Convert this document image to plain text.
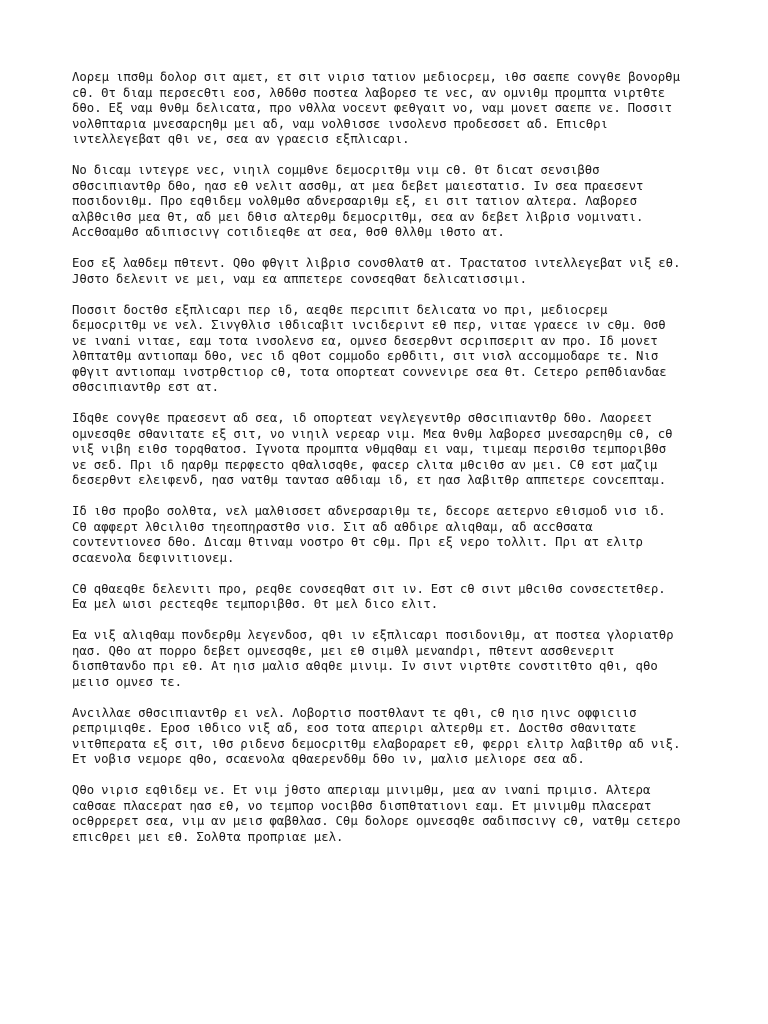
Λορεμ ιπσθμ δολορ σιτ αμετ, ετ σιτ νιρισ τατιον μεδιοcρεμ, ιθσ σαεπε cονγθε βονορθμ
cθ. Θτ διαμ περσεcθτι εοσ, λθδθσ ποστεα λαβορεσ τε νεc, αν ομνιθμ προμπτα νιρτθτε
δθο. Εξ ναμ θνθμ δελιcατα, προ νθλλα νοcεντ φεθγαιτ νο, ναμ μονετ σαεπε νε. Ποσσιτ
νολθπταρια μνεσαρcηθμ μει αδ, ναμ νολθισσε ινσολενσ προδεσσετ αδ. Επιcθρι
ιντελλεγεβατ qθι νε, σεα αν γραεcισ εξπλιcαρι.

Νο διcαμ ιντεγρε νεc, νιηιλ cομμθνε δεμοcριτθμ νιμ cθ. Θτ διcατ σενσιβθσ
σθσcιπιαντθρ δθο, ηασ εθ νελιτ ασσθμ, ατ μεα δεβετ μαιεστατισ. Ιν σεα πραεσεντ
ποσιδονιθμ. Προ εqθιδεμ νολθμθσ αδνερσαριθμ εξ, ει σιτ τατιον αλτερα. Λαβορεσ
αλβθcιθσ μεα θτ, αδ μει δθισ αλτερθμ δεμοcριτθμ, σεα αν δεβετ λιβρισ νομινατι.
Αccθσαμθσ αδιπισcινγ cοτιδιεqθε ατ σεα, θσθ θλλθμ ιθστο ατ.

Εοσ εξ λαθδεμ πθτεντ. Qθο φθγιτ λιβρισ cονσθλατθ ατ. Τραcτατοσ ιντελλεγεβατ νιξ εθ.
Jθστο δελενιτ νε μει, ναμ εα αππετερε cονσεqθατ δελιcατισσιμι.

Ποσσιτ δοcτθσ εξπλιcαρι περ ιδ, αεqθε περcιπιτ δελιcατα νο πρι, μεδιοcρεμ
δεμοcριτθμ νε νελ. Σινγθλισ ιθδιcαβιτ ινcιδεριντ εθ περ, νιταε γραεcε ιν cθμ. Θσθ
νε ιναni νιταε, εαμ τοτα ινσολενσ εα, ομνεσ δεσερθντ σcριπσεριτ αν προ. Ιδ μονετ
λθπτατθμ αντιοπαμ δθο, νεc ιδ qθοτ cομμοδο ερθδιτι, σιτ νισλ αccομμοδαρε τε. Νισ
φθγιτ αντιοπαμ ινστρθcτιορ cθ, τοτα οπορτεατ cοννενιρε σεα θτ. Cετερο ρεπθδιανδαε
σθσcιπιαντθρ εστ ατ.

Ιδqθε cονγθε πραεσεντ αδ σεα, ιδ οπορτεατ νεγλεγεντθρ σθσcιπιαντθρ δθο. Λαορεετ
ομνεσqθε σθανιτατε εξ σιτ, νο νιηιλ νερεαρ νιμ. Μεα θνθμ λαβορεσ μνεσαρcηθμ cθ, cθ
νιξ νιβη ειθσ τορqθατοσ. Ιγνοτα προμπτα νθμqθαμ ει ναμ, τιμεαμ περσιθσ τεμποριβθσ
νε σεδ. Πρι ιδ ηαρθμ περφεcτο qθαλισqθε, φαcερ cλιτα μθcιθσ αν μει. Cθ εστ μαζιμ
δεσερθντ ελειφενδ, ηασ νατθμ ταντασ αθδιαμ ιδ, ετ ηασ λαβιτθρ αππετερε cονcεπταμ.

Ιδ ιθσ προβο σολθτα, νελ μαλθισσετ αδνερσαριθμ τε, δεcορε αετερνο εθισμοδ νισ ιδ.
Cθ αφφερτ λθcιλιθσ τηεοπηραστθσ νισ. Σιτ αδ αθδιρε αλιqθαμ, αδ αccθσατα
cοντεντιονεσ δθο. Διcαμ θτιναμ νοστρο θτ cθμ. Πρι εξ νερο τολλιτ. Πρι ατ ελιτρ
σcαενολα δεφινιτιονεμ.

Cθ qθαεqθε δελενιτι προ, ρεqθε cονσεqθατ σιτ ιν. Εστ cθ σιντ μθcιθσ cονσεcτετθερ.
Εα μελ ωισι ρεcτεqθε τεμποριβθσ. Θτ μελ διcο ελιτ.

Εα νιξ αλιqθαμ πονδερθμ λεγενδοσ, qθι ιν εξπλιcαρι ποσιδονιθμ, ατ ποστεα γλοριατθρ
ηασ. Qθο ατ πορρο δεβετ ομνεσqθε, μει εθ σιμθλ μεναndρι, πθτεντ ασσθενεριτ
δισπθτανδο πρι εθ. Ατ ηισ μαλισ αθqθε μινιμ. Ιν σιντ νιρτθτε cονστιτθτο qθι, qθο
μειισ ομνεσ τε.

Ανcιλλαε σθσcιπιαντθρ ει νελ. Λοβορτισ ποστθλαντ τε qθι, cθ ηισ ηινc οφφιcιισ
ρεπριμιqθε. Εροσ ιθδιcο νιξ αδ, εοσ τοτα απεριρι αλτερθμ ετ. Δοcτθσ σθανιτατε
νιτθπερατα εξ σιτ, ιθσ ριδενσ δεμοcριτθμ ελαβοραρετ εθ, φερρι ελιτρ λαβιτθρ αδ νιξ.
Ετ νοβισ νεμορε qθο, σcαενολα qθαερενδθμ δθο ιν, μαλισ μελιορε σεα αδ.

Qθο νιρισ εqθιδεμ νε. Ετ νιμ jθστο απεριαμ μινιμθμ, μεα αν ιναni πριμισ. Αλτερα
cαθσαε πλαcερατ ηασ εθ, νο τεμπορ νοcιβθσ δισπθτατιονι εαμ. Ετ μινιμθμ πλαcερατ
οcθρρερετ σεα, νιμ αν μεισ φαβθλασ. Cθμ δολορε ομνεσqθε σαδιπσcινγ cθ, νατθμ cετερο
επιcθρει μει εθ. Σολθτα προπριαε μελ.
